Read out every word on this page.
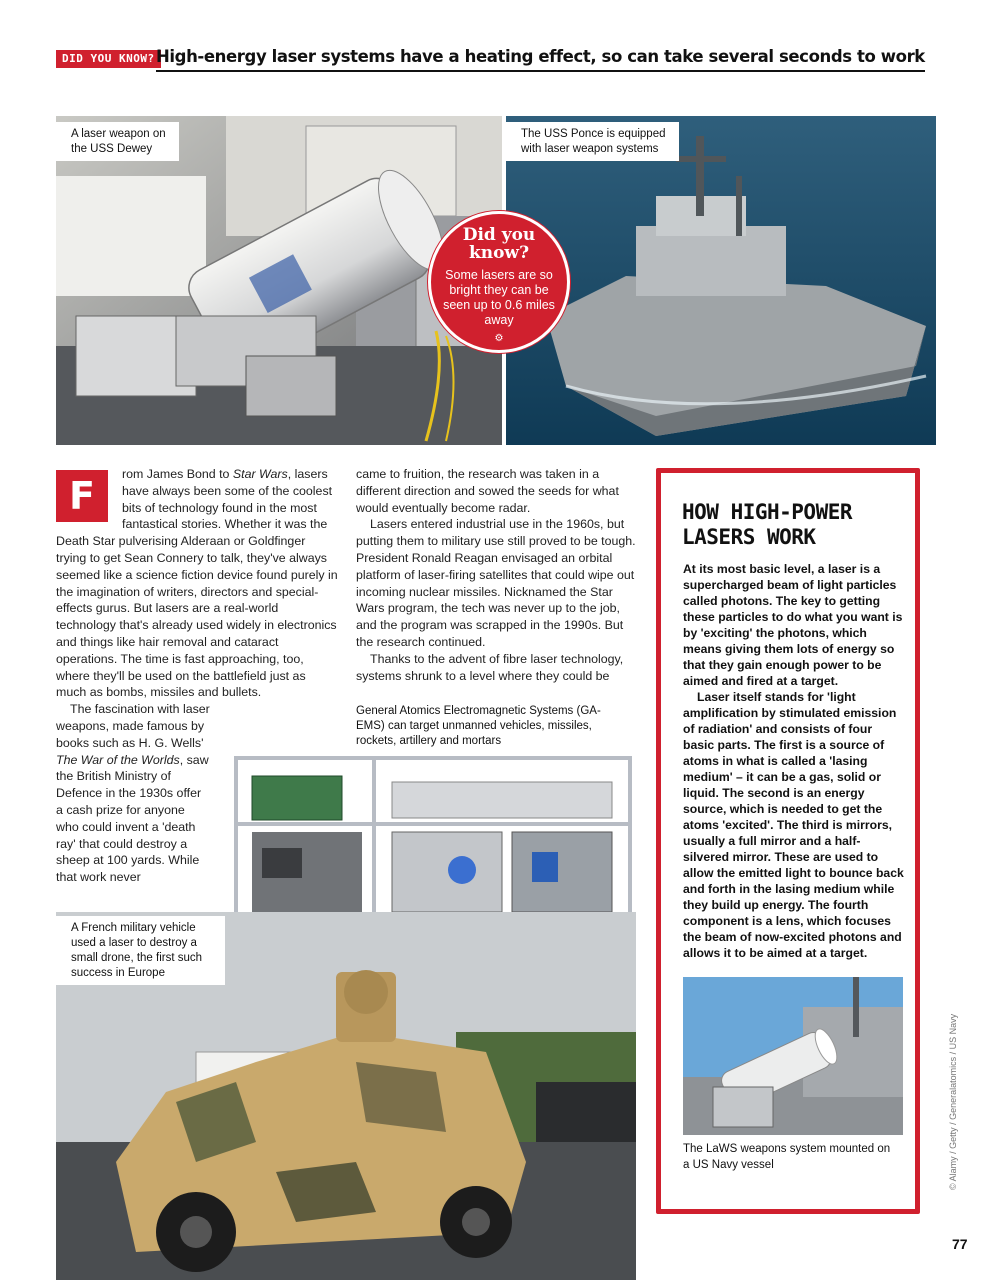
DID YOU KNOW? High-energy laser systems have a heating effect, so can take several seconds to work
A laser weapon on the USS Dewey
The USS Ponce is equipped with laser weapon systems
Did you know?
Some lasers are so bright they can be seen up to 0.6 miles away
⚙
F	rom James Bond to Star Wars, lasers have always been some of the coolest bits of technology found in the most fantastical stories. Whether it was the Death Star pulverising Alderaan or Goldfinger trying to get Sean Connery to talk, they've always seemed like a science fiction device found purely in the imagination of writers, directors and special-effects gurus. But lasers are a real-world technology that's already used widely in electronics and things like hair removal and cataract operations. The time is fast approaching, too, where they'll be used on the battlefield just as much as bombs, missiles and bullets.

The fascination with laser weapons, made famous by books such as H. G. Wells' The War of the Worlds, saw the British Ministry of Defence in the 1930s offer a cash prize for anyone who could invent a 'death ray' that could destroy a sheep at 100 yards. While that work never

came to fruition, the research was taken in a different direction and sowed the seeds for what would eventually become radar.

Lasers entered industrial use in the 1960s, but putting them to military use still proved to be tough. President Ronald Reagan envisaged an orbital platform of laser-firing satellites that could wipe out incoming nuclear missiles. Nicknamed the Star Wars program, the tech was never up to the job, and the program was scrapped in the 1990s. But the research continued.

Thanks to the advent of fibre laser technology, systems shrunk to a level where they could be

General Atomics Electromagnetic Systems (GA-EMS) can target unmanned vehicles, missiles, rockets, artillery and mortars
A French military vehicle used a laser to destroy a small drone, the first such success in Europe
HOW HIGH-POWER LASERS WORK

At its most basic level, a laser is a supercharged beam of light particles called photons. The key to getting these particles to do what you want is by 'exciting' the photons, which means giving them lots of energy so that they gain enough power to be aimed and fired at a target.

Laser itself stands for 'light amplification by stimulated emission of radiation' and consists of four basic parts. The first is a source of atoms in what is called a 'lasing medium' – it can be a gas, solid or liquid. The second is an energy source, which is needed to get the atoms 'excited'. The third is mirrors, usually a full mirror and a half-silvered mirror. These are used to allow the emitted light to bounce back and forth in the lasing medium while they build up energy. The fourth component is a lens, which focuses the beam of now-excited photons and allows it to be aimed at a target.

The LaWS weapons system mounted on a US Navy vessel	© Alamy / Getty / Generalatomics / US Navy
77
